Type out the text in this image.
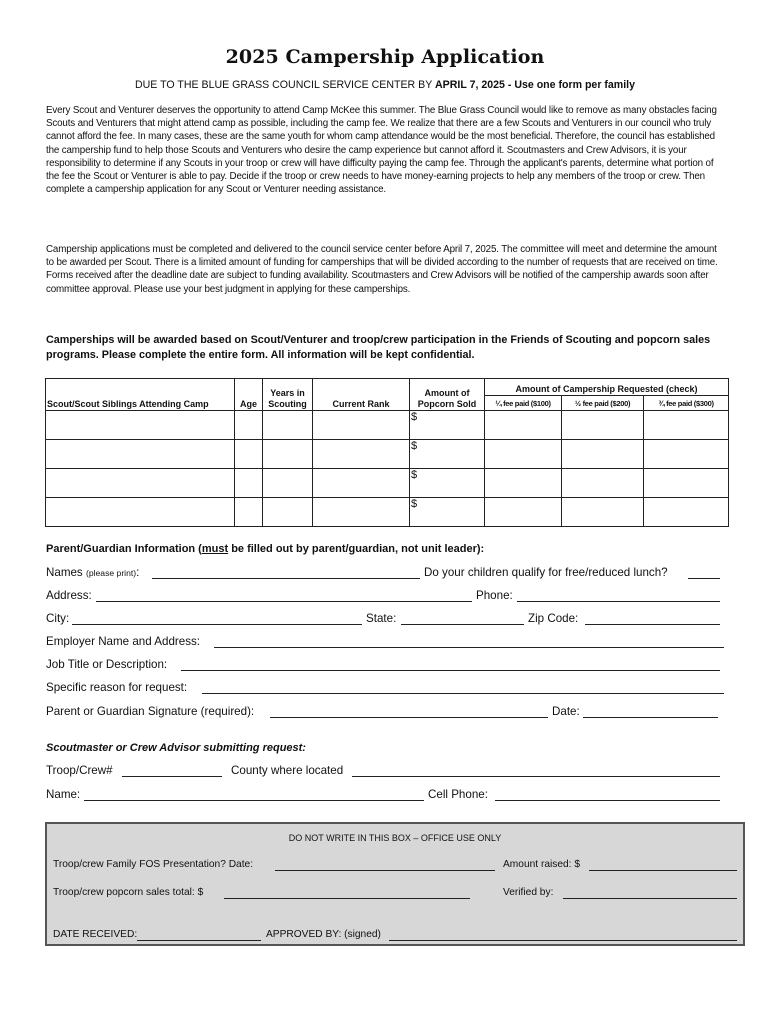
2025 Campership Application
DUE TO THE BLUE GRASS COUNCIL SERVICE CENTER BY APRIL 7, 2025 - Use one form per family
Every Scout and Venturer deserves the opportunity to attend Camp McKee this summer. The Blue Grass Council would like to remove as many obstacles facing Scouts and Venturers that might attend camp as possible, including the camp fee. We realize that there are a few Scouts and Venturers in our council who truly cannot afford the fee. In many cases, these are the same youth for whom camp attendance would be the most beneficial. Therefore, the council has established the campership fund to help those Scouts and Venturers who desire the camp experience but cannot afford it. Scoutmasters and Crew Advisors, it is your responsibility to determine if any Scouts in your troop or crew will have difficulty paying the camp fee. Through the applicant's parents, determine what portion of the fee the Scout or Venturer is able to pay. Decide if the troop or crew needs to have money-earning projects to help any members of the troop or crew. Then complete a campership application for any Scout or Venturer needing assistance.
Campership applications must be completed and delivered to the council service center before April 7, 2025. The committee will meet and determine the amount to be awarded per Scout. There is a limited amount of funding for camperships that will be divided according to the number of requests that are received on time. Forms received after the deadline date are subject to funding availability. Scoutmasters and Crew Advisors will be notified of the campership awards soon after committee approval. Please use your best judgment in applying for these camperships.
Camperships will be awarded based on Scout/Venturer and troop/crew participation in the Friends of Scouting and popcorn sales programs. Please complete the entire form. All information will be kept confidential.
Scout/Scout Siblings Attending Camp	Age	Years in Scouting	Current Rank	Amount of Popcorn Sold	Amount of Campership Requested (check)		
					¼ fee paid ($100)	½ fee paid ($200)	¾ fee paid ($300)
				$			
				$			
				$			
				$			
Parent/Guardian Information (must be filled out by parent/guardian, not unit leader):
Names (please print):	Do your children qualify for free/reduced lunch?
Address:	Phone:
City:	State:	Zip Code:
Employer Name and Address:
Job Title or Description:
Specific reason for request:
Parent or Guardian Signature (required):	Date:
Scoutmaster or Crew Advisor submitting request:
Troop/Crew#	County where located
Name:	Cell Phone:
DO NOT WRITE IN THIS BOX – OFFICE USE ONLY
Troop/crew Family FOS Presentation? Date:	Amount raised: $
Troop/crew popcorn sales total: $	Verified by:
DATE RECEIVED:	APPROVED BY: (signed)
